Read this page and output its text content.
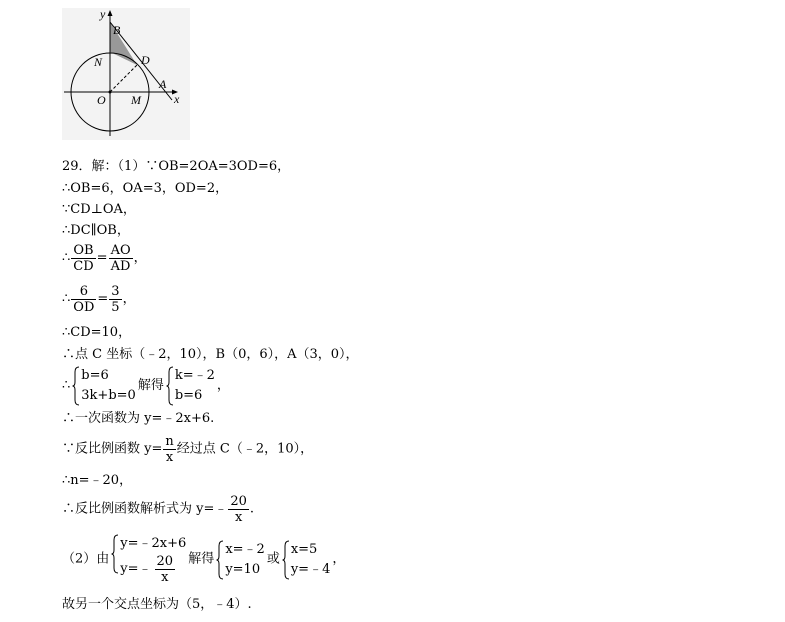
y
B
D
N
A
x
O M
29．解：（1）∵OB=2OA=3OD=6，
∴OB=6，OA=3，OD=2，
∵CD⊥OA，
∴DC∥OB，
∴ $\frac{OB}{CD} = \frac{AO}{AD}$ ，
∴ $\frac{6}{OD} = \frac{3}{5}$ ，
∴CD=10，
∴点 C 坐标（﹣2，10），B（0，6），A（3，0），
∴
b=6
3k+b=0
解得
k=﹣2
b=6
，
∴一次函数为 y=﹣2x+6.
∵反比例函数 $y= \frac{n}{x}$ 经过点 C（﹣2，10），
∴n=﹣20，
∴反比例函数解析式为 y=﹣ $\frac{20}{x}$ .
（2）由
y=﹣2x+6
y=﹣ $\frac{20}{x}$ 解得
x=﹣2
y=10
或
x=5
y=﹣4
，
故另一个交点坐标为（5，﹣4）.
